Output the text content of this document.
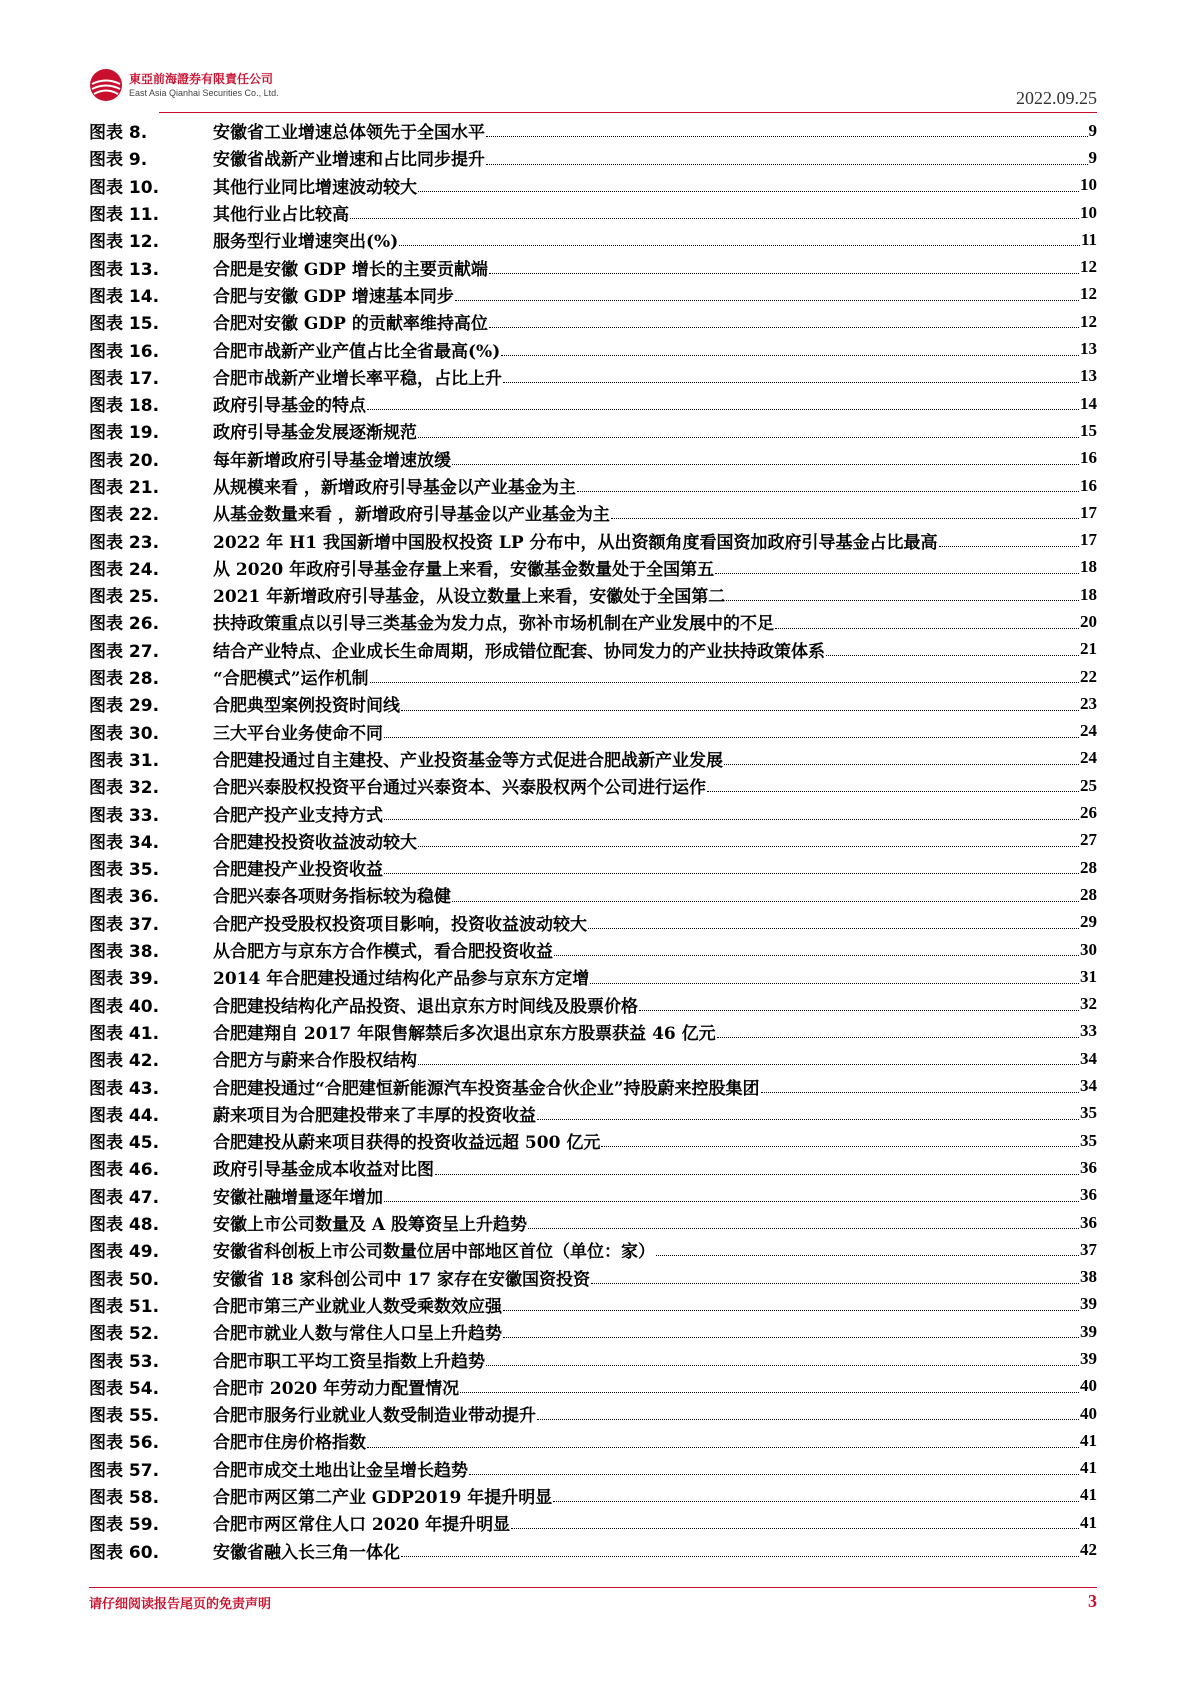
東亞前海證券有限責任公司
East Asia Qianhai Securities Co., Ltd.	2022.09.25
图表 8.	安徽省工业增速总体领先于全国水平	9
图表 9.	安徽省战新产业增速和占比同步提升	9
图表 10.	其他行业同比增速波动较大	10
图表 11.	其他行业占比较高	10
图表 12.	服务型行业增速突出(%)	11
图表 13.	合肥是安徽 GDP 增长的主要贡献端	12
图表 14.	合肥与安徽 GDP 增速基本同步	12
图表 15.	合肥对安徽 GDP 的贡献率维持高位	12
图表 16.	合肥市战新产业产值占比全省最高(%)	13
图表 17.	合肥市战新产业增长率平稳，占比上升	13
图表 18.	政府引导基金的特点	14
图表 19.	政府引导基金发展逐渐规范	15
图表 20.	每年新增政府引导基金增速放缓	16
图表 21.	从规模来看 ，新增政府引导基金以产业基金为主	16
图表 22.	从基金数量来看 ，新增政府引导基金以产业基金为主	17
图表 23.	2022 年 H1 我国新增中国股权投资 LP 分布中，从出资额角度看国资加政府引导基金占比最高	17
图表 24.	从 2020 年政府引导基金存量上来看，安徽基金数量处于全国第五	18
图表 25.	2021 年新增政府引导基金，从设立数量上来看，安徽处于全国第二	18
图表 26.	扶持政策重点以引导三类基金为发力点，弥补市场机制在产业发展中的不足	20
图表 27.	结合产业特点、企业成长生命周期，形成错位配套、协同发力的产业扶持政策体系	21
图表 28.	“合肥模式”运作机制	22
图表 29.	合肥典型案例投资时间线	23
图表 30.	三大平台业务使命不同	24
图表 31.	合肥建投通过自主建投、产业投资基金等方式促进合肥战新产业发展	24
图表 32.	合肥兴泰股权投资平台通过兴泰资本、兴泰股权两个公司进行运作	25
图表 33.	合肥产投产业支持方式	26
图表 34.	合肥建投投资收益波动较大	27
图表 35.	合肥建投产业投资收益	28
图表 36.	合肥兴泰各项财务指标较为稳健	28
图表 37.	合肥产投受股权投资项目影响，投资收益波动较大	29
图表 38.	从合肥方与京东方合作模式，看合肥投资收益	30
图表 39.	2014 年合肥建投通过结构化产品参与京东方定增	31
图表 40.	合肥建投结构化产品投资、退出京东方时间线及股票价格	32
图表 41.	合肥建翔自 2017 年限售解禁后多次退出京东方股票获益 46 亿元	33
图表 42.	合肥方与蔚来合作股权结构	34
图表 43.	合肥建投通过“合肥建恒新能源汽车投资基金合伙企业”持股蔚来控股集团	34
图表 44.	蔚来项目为合肥建投带来了丰厚的投资收益	35
图表 45.	合肥建投从蔚来项目获得的投资收益远超 500 亿元	35
图表 46.	政府引导基金成本收益对比图	36
图表 47.	安徽社融增量逐年增加	36
图表 48.	安徽上市公司数量及 A 股筹资呈上升趋势	36
图表 49.	安徽省科创板上市公司数量位居中部地区首位（单位：家）	37
图表 50.	安徽省 18 家科创公司中 17 家存在安徽国资投资	38
图表 51.	合肥市第三产业就业人数受乘数效应强	39
图表 52.	合肥市就业人数与常住人口呈上升趋势	39
图表 53.	合肥市职工平均工资呈指数上升趋势	39
图表 54.	合肥市 2020 年劳动力配置情况	40
图表 55.	合肥市服务行业就业人数受制造业带动提升	40
图表 56.	合肥市住房价格指数	41
图表 57.	合肥市成交土地出让金呈增长趋势	41
图表 58.	合肥市两区第二产业 GDP2019 年提升明显	41
图表 59.	合肥市两区常住人口 2020 年提升明显	41
图表 60.	安徽省融入长三角一体化	42
请仔细阅读报告尾页的免责声明	3
